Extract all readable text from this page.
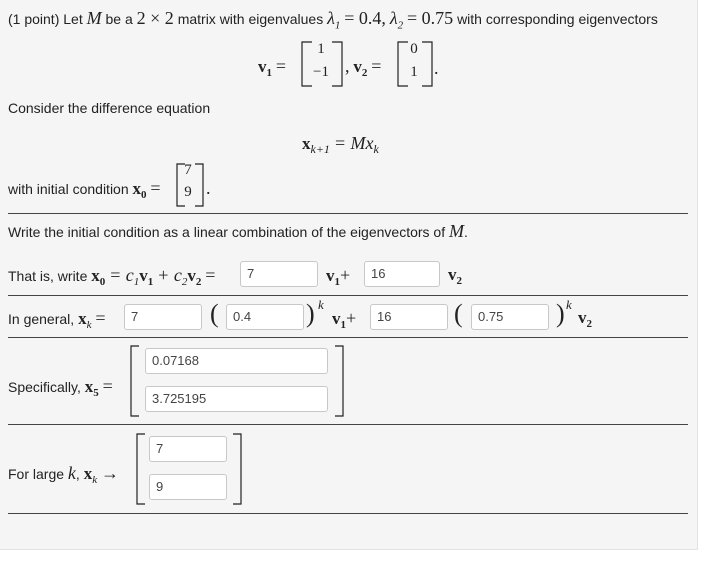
(1 point) Let M be a 2 × 2 matrix with eigenvalues $\lambda_1 = 0.4$, $\lambda_2 = 0.75$ with corresponding eigenvectors
$v_1$ =
1
−1 , $v_2$ =
0
1 .
Consider the difference equation
$x_{k+1} = Mx_k$
with initial condition $x_0$ =
7
9 .
Write the initial condition as a linear combination of the eigenvectors of M.
That is, write $x_0 = c_1v_1 + c_2v_2$ =	7	$v_1+$	16	$v_2$
In general, $x_k$ =	7	(	0.4	) k
$v_1+$	16	(	0.75	) k
$v_2$
Specifically, $x_5$ =
0.07168
3.725195
For large k, $x_k$ →
7
9
